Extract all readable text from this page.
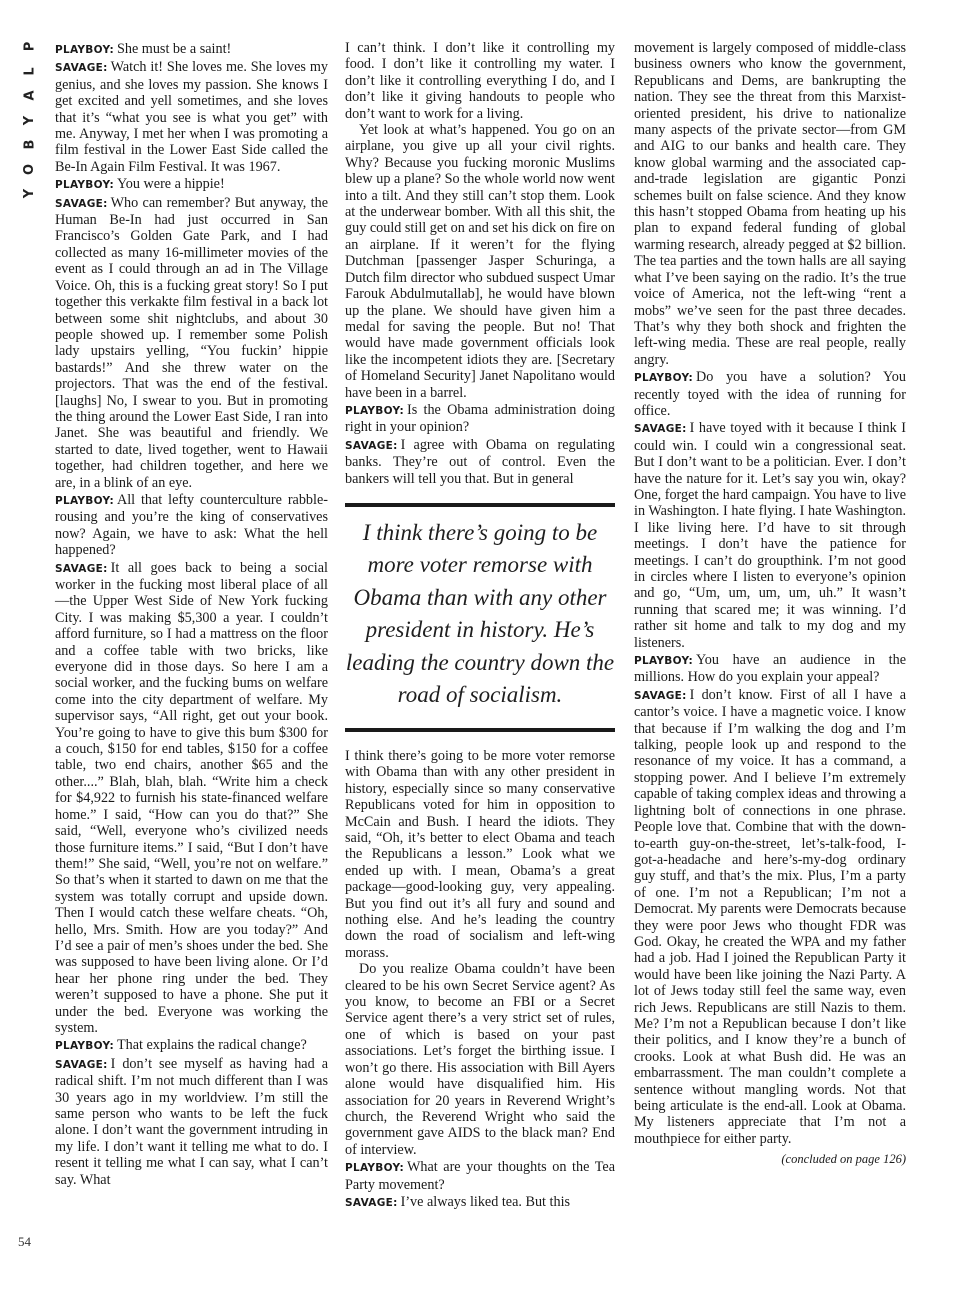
P
L
A
Y
B
O
Y
54

PLAYBOY: She must be a saint!

SAVAGE: Watch it! She loves me. She loves my genius, and she loves my passion. She knows I get excited and yell sometimes, and she loves that it’s “what you see is what you get” with me. Anyway, I met her when I was promoting a film festival in the Lower East Side called the Be-In Again Film Festival. It was 1967.

PLAYBOY: You were a hippie!

SAVAGE: Who can remember? But anyway, the Human Be-In had just occurred in San Francisco’s Golden Gate Park, and I had collected as many 16-millimeter movies of the event as I could through an ad in The Village Voice. Oh, this is a fucking great story! So I put together this verkakte film festival in a back lot between some shit nightclubs, and about 30 people showed up. I remember some Polish lady upstairs yelling, “You fuckin’ hippie bastards!” And she threw water on the projectors. That was the end of the festival. [laughs] No, I swear to you. But in promoting the thing around the Lower East Side, I ran into Janet. She was beautiful and friendly. We started to date, lived together, went to Hawaii together, had children together, and here we are, in a blink of an eye.

PLAYBOY: All that lefty counterculture rabble-rousing and you’re the king of conservatives now? Again, we have to ask: What the hell happened?

SAVAGE: It all goes back to being a social worker in the fucking most liberal place of all—the Upper West Side of New York fucking City. I was making $5,300 a year. I couldn’t afford furniture, so I had a mattress on the floor and a coffee table with two bricks, like everyone did in those days. So here I am a social worker, and the fucking bums on welfare come into the city department of welfare. My supervisor says, “All right, get out your book. You’re going to have to give this bum $300 for a couch, $150 for end tables, $150 for a coffee table, two end chairs, another $65 and the other....” Blah, blah, blah. “Write him a check for $4,922 to furnish his state-financed welfare home.” I said, “How can you do that?” She said, “Well, everyone who’s civilized needs those furniture items.” I said, “But I don’t have them!” She said, “Well, you’re not on welfare.” So that’s when it started to dawn on me that the system was totally corrupt and upside down. Then I would catch these welfare cheats. “Oh, hello, Mrs. Smith. How are you today?” And I’d see a pair of men’s shoes under the bed. She was supposed to have been living alone. Or I’d hear her phone ring under the bed. They weren’t supposed to have a phone. She put it under the bed. Everyone was working the system.

PLAYBOY: That explains the radical change?

SAVAGE: I don’t see myself as having had a radical shift. I’m not much different than I was 30 years ago in my worldview. I’m still the same person who wants to be left the fuck alone. I don’t want the government intruding in my life. I don’t want it telling me what to do. I resent it telling me what I can say, what I can’t say. What

I can’t think. I don’t like it controlling my food. I don’t like it controlling my water. I don’t like it controlling everything I do, and I don’t like it giving handouts to people who don’t want to work for a living.

Yet look at what’s happened. You go on an airplane, you give up all your civil rights. Why? Because you fucking moronic Muslims blew up a plane? So the whole world now went into a tilt. And they still can’t stop them. Look at the underwear bomber. With all this shit, the guy could still get on and set his dick on fire on an airplane. If it weren’t for the flying Dutchman [passenger Jasper Schuringa, a Dutch film director who subdued suspect Umar Farouk Abdulmutallab], he would have blown up the plane. We should have given him a medal for saving the people. But no! That would have made government officials look like the incompetent idiots they are. [Secretary of Homeland Security] Janet Napolitano would have been in a barrel.

PLAYBOY: Is the Obama administration doing right in your opinion?

SAVAGE: I agree with Obama on regulating banks. They’re out of control. Even the bankers will tell you that. But in general

I think there’s going to be more voter remorse with Obama than with any other president in history. He’s leading the country down the road of socialism.

I think there’s going to be more voter remorse with Obama than with any other president in history, especially since so many conservative Republicans voted for him in opposition to McCain and Bush. I heard the idiots. They said, “Oh, it’s better to elect Obama and teach the Republicans a lesson.” Look what we ended up with. I mean, Obama’s a great package—good-looking guy, very appealing. But you find out it’s all fury and sound and nothing else. And he’s leading the country down the road of socialism and left-wing morass.

Do you realize Obama couldn’t have been cleared to be his own Secret Service agent? As you know, to become an FBI or a Secret Service agent there’s a very strict set of rules, one of which is based on your past associations. Let’s forget the birthing issue. I won’t go there. His association with Bill Ayers alone would have disqualified him. His association for 20 years in Reverend Wright’s church, the Reverend Wright who said the government gave AIDS to the black man? End of interview.

PLAYBOY: What are your thoughts on the Tea Party movement?

SAVAGE: I’ve always liked tea. But this

movement is largely composed of middle-class business owners who know the government, Republicans and Dems, are bankrupting the nation. They see the threat from this Marxist-oriented president, his drive to nationalize many aspects of the private sector—from GM and AIG to our banks and health care. They know global warming and the associated cap-and-trade legislation are gigantic Ponzi schemes built on false science. And they know this hasn’t stopped Obama from heating up his plan to expand federal funding of global warming research, already pegged at $2 billion. The tea parties and the town halls are all saying what I’ve been saying on the radio. It’s the true voice of America, not the left-wing “rent a mobs” we’ve seen for the past three decades. That’s why they both shock and frighten the left-wing media. These are real people, really angry.

PLAYBOY: Do you have a solution? You recently toyed with the idea of running for office.

SAVAGE: I have toyed with it because I think I could win. I could win a congressional seat. But I don’t want to be a politician. Ever. I don’t have the nature for it. Let’s say you win, okay? One, forget the hard campaign. You have to live in Washington. I hate flying. I hate Washington. I like living here. I’d have to sit through meetings. I don’t have the patience for meetings. I can’t do groupthink. I’m not good in circles where I listen to everyone’s opinion and go, “Um, um, um, um, uh.” It wasn’t running that scared me; it was winning. I’d rather sit home and talk to my dog and my listeners.

PLAYBOY: You have an audience in the millions. How do you explain your appeal?

SAVAGE: I don’t know. First of all I have a cantor’s voice. I have a magnetic voice. I know that because if I’m walking the dog and I’m talking, people look up and respond to the resonance of my voice. It has a command, a stopping power. And I believe I’m extremely capable of taking complex ideas and throwing a lightning bolt of connections in one phrase. People love that. Combine that with the down-to-earth guy-on-the-street, let’s-talk-food, I-got-a-headache and here’s-my-dog ordinary guy stuff, and that’s the mix. Plus, I’m a party of one. I’m not a Republican; I’m not a Democrat. My parents were Democrats because they were poor Jews who thought FDR was God. Okay, he created the WPA and my father had a job. Had I joined the Republican Party it would have been like joining the Nazi Party. A lot of Jews today still feel the same way, even rich Jews. Republicans are still Nazis to them. Me? I’m not a Republican because I don’t like their politics, and I know they’re a bunch of crooks. Look at what Bush did. He was an embarrassment. The man couldn’t complete a sentence without mangling words. Not that being articulate is the end-all. Look at Obama. My listeners appreciate that I’m not a mouthpiece for either party.

(concluded on page 126)
